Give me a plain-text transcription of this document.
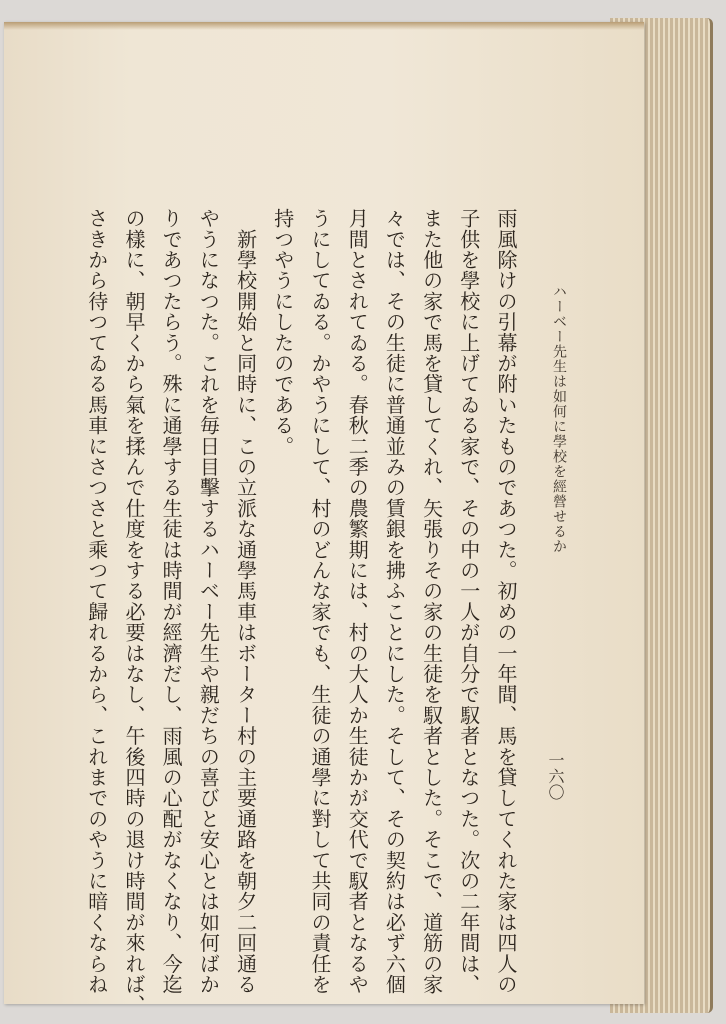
ハーベー先生は如何に學校を經營せるか
一六〇
雨風除けの引幕が附いたものであつた。初めの一年間、馬を貸してくれた家は四人の
子供を學校に上げてゐる家で、その中の一人が自分で馭者となつた。次の二年間は、
また他の家で馬を貸してくれ、矢張りその家の生徒を馭者とした。そこで、道筋の家
々では、その生徒に普通並みの賃銀を拂ふことにした。そして、その契約は必ず六個
月間とされてゐる。春秋二季の農繁期には、村の大人か生徒かが交代で馭者となるや
うにしてゐる。かやうにして、村のどんな家でも、生徒の通學に對して共同の責任を
持つやうにしたのである。
　新學校開始と同時に、この立派な通學馬車はボーター村の主要通路を朝夕二回通る
やうになつた。これを毎日目擊するハーベー先生や親だちの喜びと安心とは如何ばか
りであつたらう。殊に通學する生徒は時間が經濟だし、雨風の心配がなくなり、今迄
の樣に、朝早くから氣を揉んで仕度をする必要はなし、午後四時の退け時間が來れば、
さきから待つてゐる馬車にさつさと乘つて歸れるから、これまでのやうに暗くならね
